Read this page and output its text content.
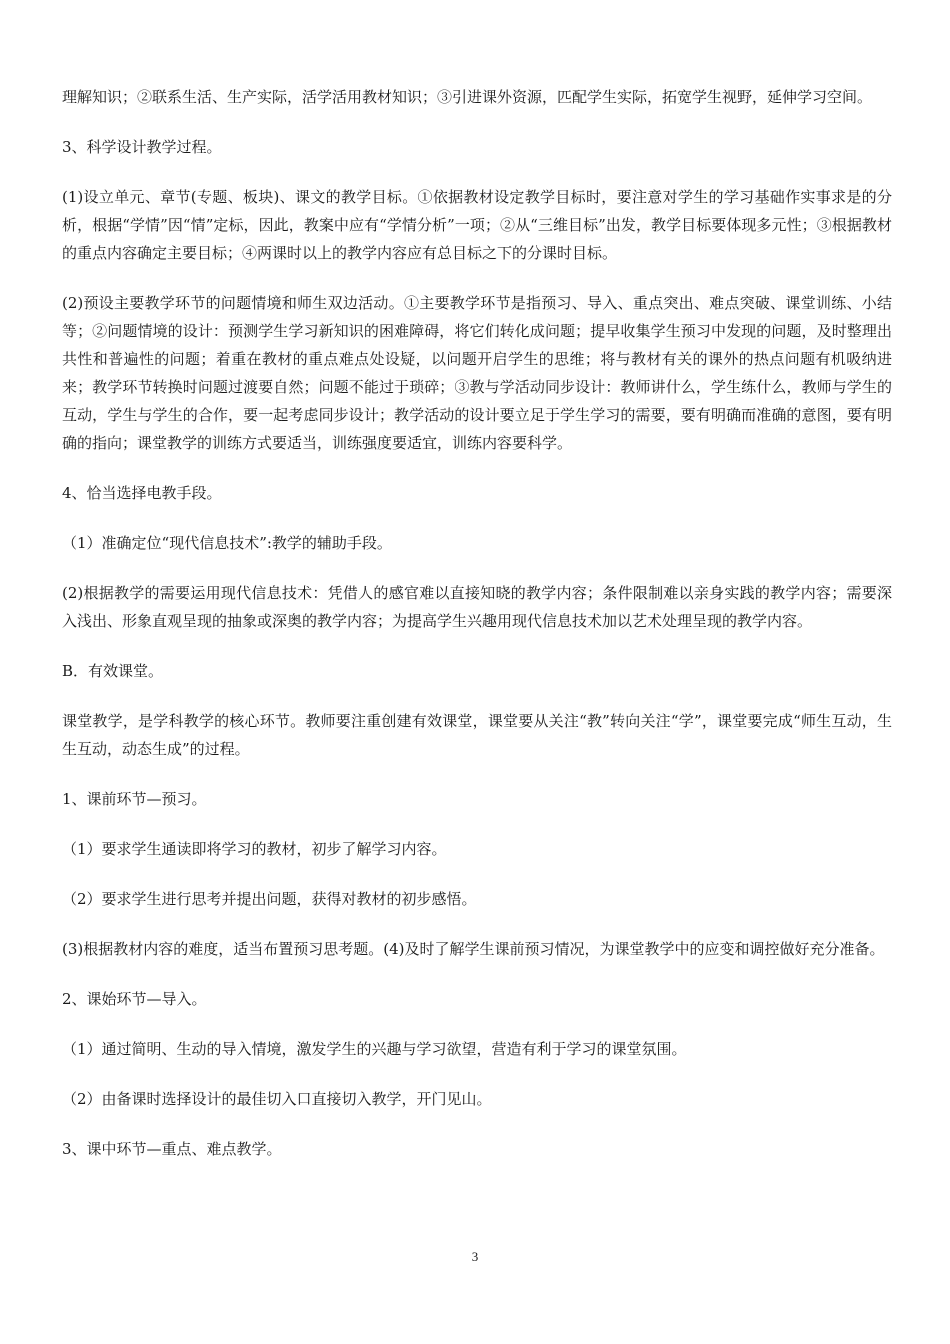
理解知识；②联系生活、生产实际，活学活用教材知识；③引进课外资源，匹配学生实际，拓宽学生视野，延伸学习空间。

3、科学设计教学过程。

(1)设立单元、章节(专题、板块)、课文的教学目标。①依据教材设定教学目标时，要注意对学生的学习基础作实事求是的分析，根据“学情”因“情”定标，因此，教案中应有“学情分析”一项；②从“三维目标”出发，教学目标要体现多元性；③根据教材的重点内容确定主要目标；④两课时以上的教学内容应有总目标之下的分课时目标。

(2)预设主要教学环节的问题情境和师生双边活动。①主要教学环节是指预习、导入、重点突出、难点突破、课堂训练、小结等；②问题情境的设计：预测学生学习新知识的困难障碍，将它们转化成问题；提早收集学生预习中发现的问题，及时整理出共性和普遍性的问题；着重在教材的重点难点处设疑，以问题开启学生的思维；将与教材有关的课外的热点问题有机吸纳进来；教学环节转换时问题过渡要自然；问题不能过于琐碎；③教与学活动同步设计：教师讲什么，学生练什么，教师与学生的互动，学生与学生的合作，要一起考虑同步设计；教学活动的设计要立足于学生学习的需要，要有明确而准确的意图，要有明确的指向；课堂教学的训练方式要适当，训练强度要适宜，训练内容要科学。

4、恰当选择电教手段。

（1）准确定位“现代信息技术”:教学的辅助手段。

(2)根据教学的需要运用现代信息技术：凭借人的感官难以直接知晓的教学内容；条件限制难以亲身实践的教学内容；需要深入浅出、形象直观呈现的抽象或深奥的教学内容；为提高学生兴趣用现代信息技术加以艺术处理呈现的教学内容。

B．有效课堂。

课堂教学，是学科教学的核心环节。教师要注重创建有效课堂，课堂要从关注“教”转向关注“学”，课堂要完成“师生互动，生生互动，动态生成”的过程。

1、课前环节—预习。

（1）要求学生通读即将学习的教材，初步了解学习内容。

（2）要求学生进行思考并提出问题，获得对教材的初步感悟。

(3)根据教材内容的难度，适当布置预习思考题。(4)及时了解学生课前预习情况，为课堂教学中的应变和调控做好充分准备。

2、课始环节—导入。

（1）通过简明、生动的导入情境，激发学生的兴趣与学习欲望，营造有利于学习的课堂氛围。

（2）由备课时选择设计的最佳切入口直接切入教学，开门见山。

3、课中环节—重点、难点教学。

3
